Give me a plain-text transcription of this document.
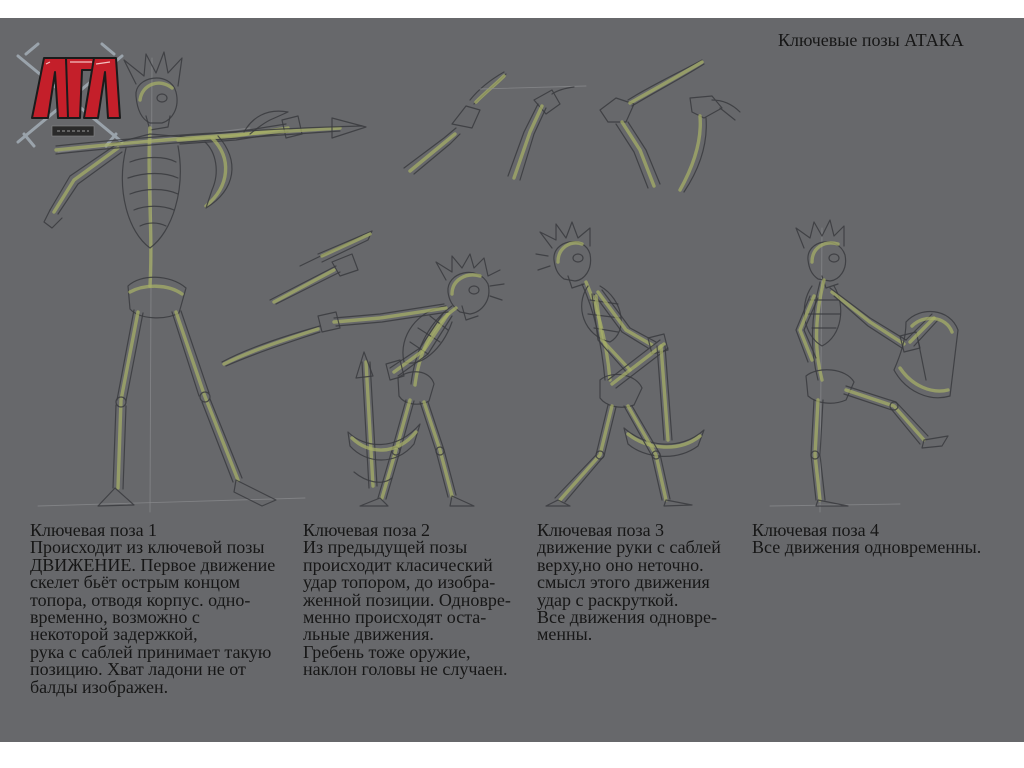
Ключевые позы АТАКА
Ключевая поза 1
Происходит из ключевой позы
ДВИЖЕНИЕ. Первое движение
скелет бьёт острым концом
топора, отводя корпус. одно-
временно, возможно с
некоторой задержкой,
рука с саблей принимает такую
позицию. Хват ладони не от
балды изображен.
Ключевая поза 2
Из предыдущей позы
происходит класический
удар топором, до изобра-
женной позиции. Одновре-
менно происходят оста-
льные движения.
Гребень тоже оружие,
наклон головы не случаен.
Ключевая поза 3
движение руки с саблей
верху,но оно неточно.
смысл этого движения
удар с раскруткой.
Все движения одновре-
менны.
Ключевая поза 4
Все движения одновременны.
